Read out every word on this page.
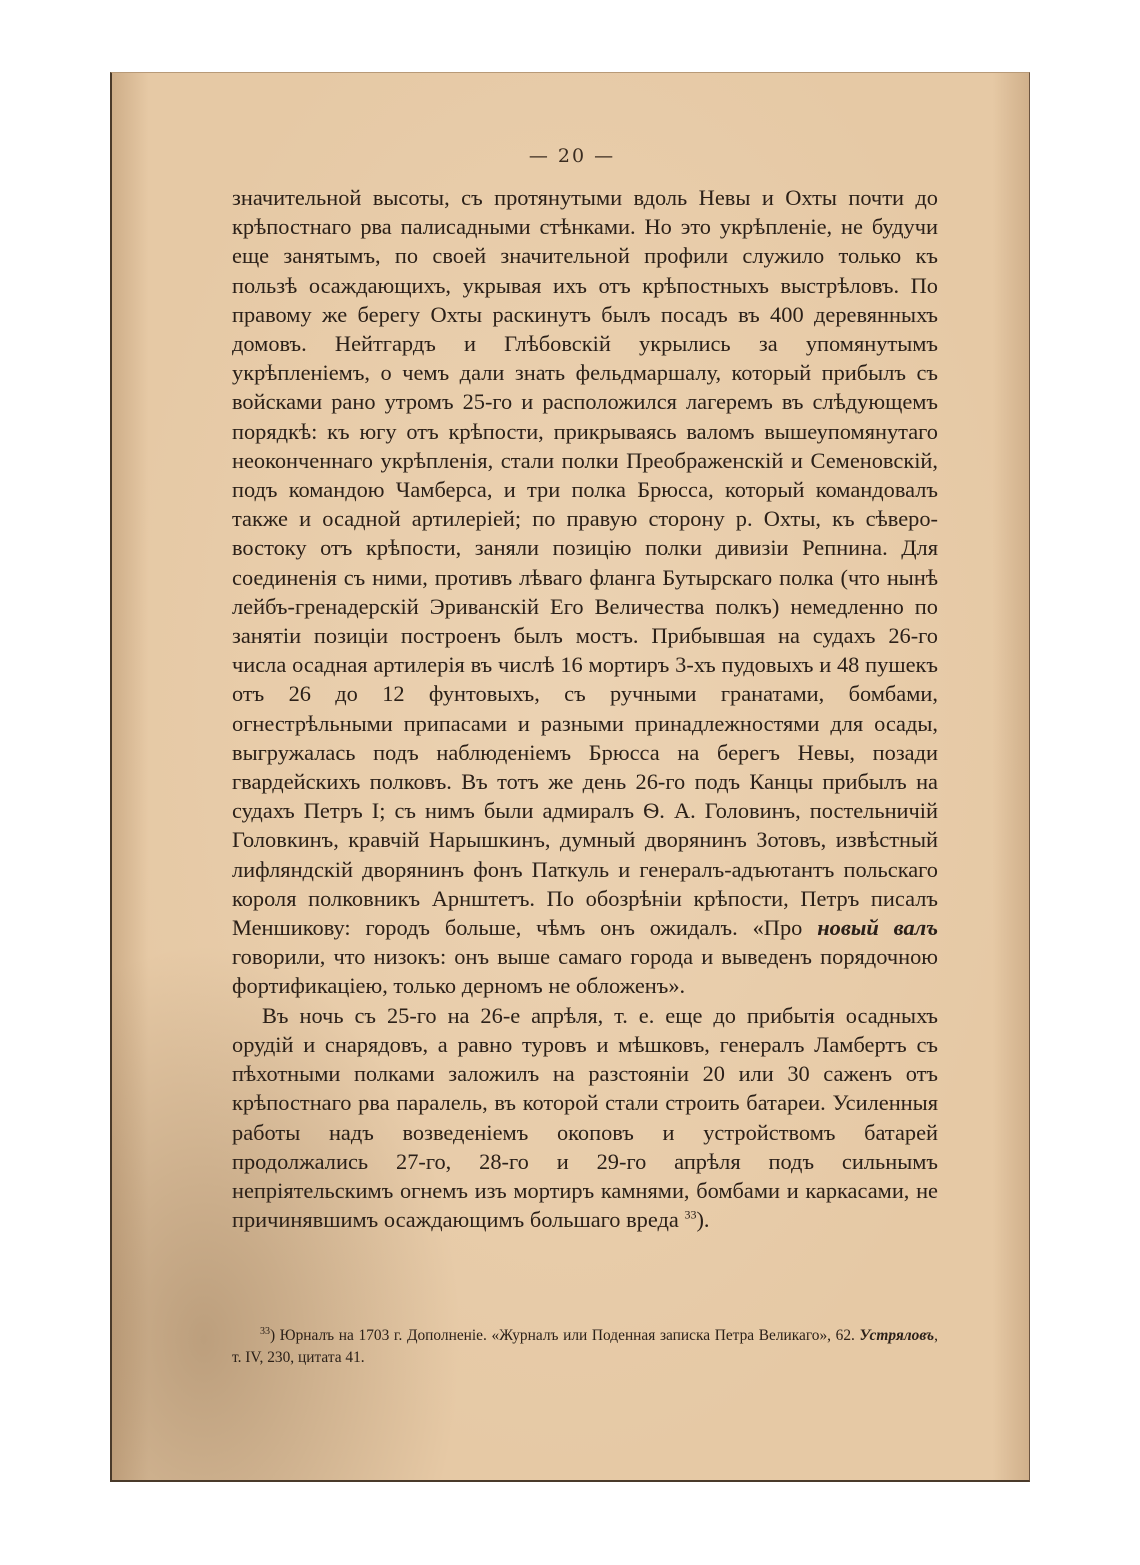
— 20 —

значительной высоты, съ протянутыми вдоль Невы и Охты почти до крѣпостнаго рва палисадными стѣнками. Но это укрѣпленіе, не будучи еще занятымъ, по своей значительной профили служило только къ пользѣ осаждающихъ, укрывая ихъ отъ крѣпостныхъ выстрѣловъ. По правому же берегу Охты раскинутъ былъ посадъ въ 400 деревянныхъ домовъ. Нейтгардъ и Глѣбовскій укрылись за упомянутымъ укрѣпленіемъ, о чемъ дали знать фельдмаршалу, который прибылъ съ войсками рано утромъ 25-го и расположился лагеремъ въ слѣдующемъ порядкѣ: къ югу отъ крѣпости, прикрываясь валомъ вышеупомянутаго неоконченнаго укрѣпленія, стали полки Преображенскій и Семеновскій, подъ командою Чамберса, и три полка Брюсса, который командовалъ также и осадной артилеріей; по правую сторону р. Охты, къ сѣверо-востоку отъ крѣпости, заняли позицію полки дивизіи Репнина. Для соединенія съ ними, противъ лѣваго фланга Бутырскаго полка (что нынѣ лейбъ-гренадерскій Эриванскій Его Величества полкъ) немедленно по занятіи позиціи построенъ былъ мостъ. Прибывшая на судахъ 26-го числа осадная артилерія въ числѣ 16 мортиръ 3-хъ пудовыхъ и 48 пушекъ отъ 26 до 12 фунтовыхъ, съ ручными гранатами, бомбами, огнестрѣльными припасами и разными принадлежностями для осады, выгружалась подъ наблюденіемъ Брюсса на берегъ Невы, позади гвардейскихъ полковъ. Въ тотъ же день 26-го подъ Канцы прибылъ на судахъ Петръ I; съ нимъ были адмиралъ Ѳ. А. Головинъ, постельничій Головкинъ, кравчій Нарышкинъ, думный дворянинъ Зотовъ, извѣстный лифляндскій дворянинъ фонъ Паткуль и генералъ-адъютантъ польскаго короля полковникъ Арнштетъ. По обозрѣніи крѣпости, Петръ писалъ Меншикову: городъ больше, чѣмъ онъ ожидалъ. «Про новый валъ говорили, что низокъ: онъ выше самаго города и выведенъ порядочною фортификаціею, только дерномъ не обложенъ».

Въ ночь съ 25-го на 26-е апрѣля, т. е. еще до прибытія осадныхъ орудій и снарядовъ, а равно туровъ и мѣшковъ, генералъ Ламбертъ съ пѣхотными полками заложилъ на разстояніи 20 или 30 саженъ отъ крѣпостнаго рва паралель, въ которой стали строить батареи. Усиленныя работы надъ возведеніемъ окоповъ и устройствомъ батарей продолжались 27-го, 28-го и 29-го апрѣля подъ сильнымъ непріятельскимъ огнемъ изъ мортиръ камнями, бомбами и каркасами, не причинявшимъ осаждающимъ большаго вреда $^{33}$).

$^{33}$) Юрналъ на 1703 г. Дополненіе. «Журналъ или Поденная записка Петра Великаго», 62. Устряловъ, т. IV, 230, цитата 41.
